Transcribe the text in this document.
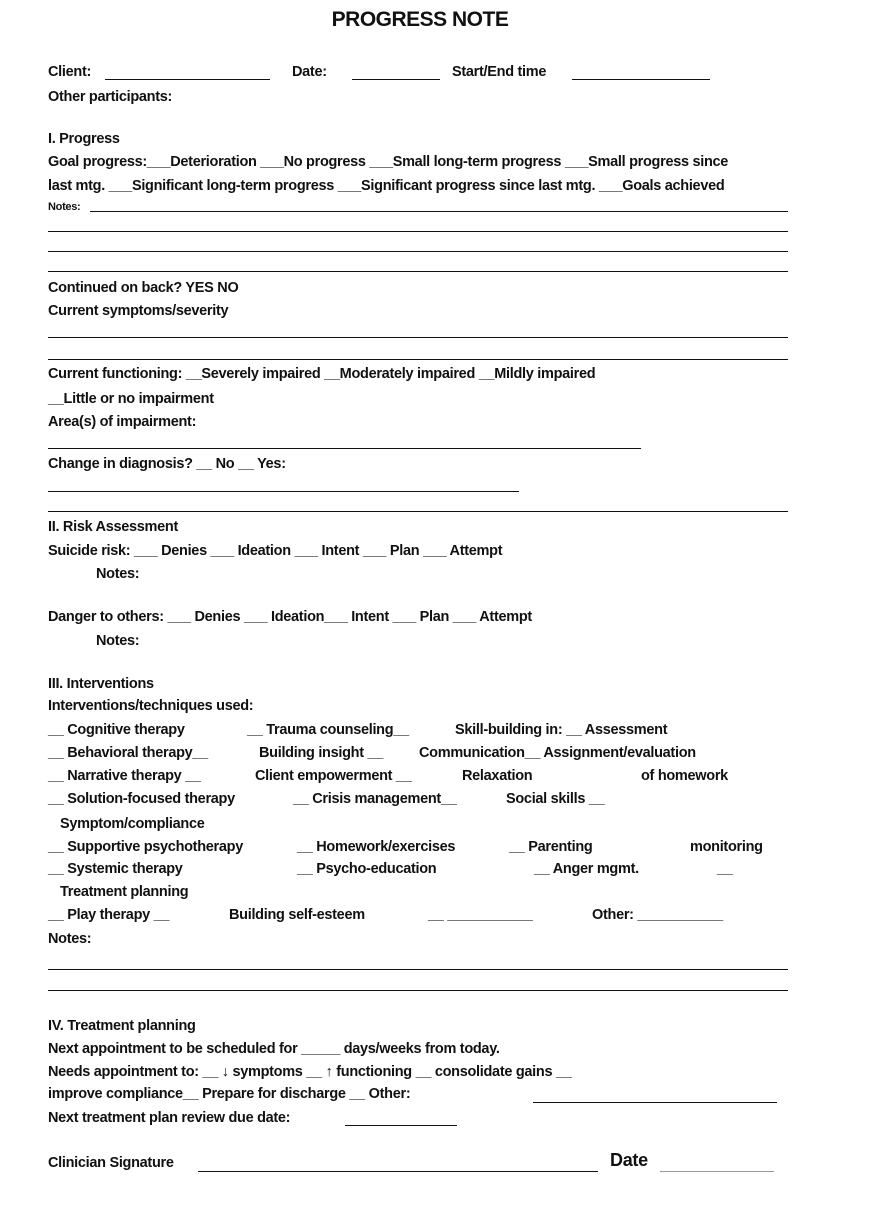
PROGRESS NOTE
Client:	Date:	Start/End time
Other participants:
I. Progress
Goal progress:___Deterioration ___No progress ___Small long-term progress ___Small progress since
last mtg. ___Significant long-term progress ___Significant progress since last mtg. ___Goals achieved
Notes:
Continued on back? YES NO
Current symptoms/severity
Current functioning: __Severely impaired __Moderately impaired __Mildly impaired
__Little or no impairment
Area(s) of impairment:
Change in diagnosis? __ No __ Yes:
II. Risk Assessment
Suicide risk: ___ Denies ___ Ideation ___ Intent ___ Plan ___ Attempt
Notes:
Danger to others: ___ Denies ___ Ideation___ Intent ___ Plan ___ Attempt
Notes:
III. Interventions
Interventions/techniques used:
__ Cognitive therapy	__ Trauma counseling__	Skill-building in: __ Assessment
__ Behavioral therapy__	Building insight __ Communication__ Assignment/evaluation
__ Narrative therapy __	Client empowerment __	Relaxation	of homework
__ Solution-focused therapy	__ Crisis management__	Social skills __
Symptom/compliance
__ Supportive psychotherapy	__ Homework/exercises	__ Parenting	monitoring
__ Systemic therapy	__ Psycho-education	__ Anger mgmt.	__
Treatment planning
__ Play therapy __	Building self-esteem	__ ___________	Other: ___________
Notes:
IV. Treatment planning
Next appointment to be scheduled for _____ days/weeks from today.
Needs appointment to: __ ↓ symptoms __ ↑ functioning __ consolidate gains __
improve compliance__ Prepare for discharge __ Other:
Next treatment plan review due date:
Clinician Signature	Date
